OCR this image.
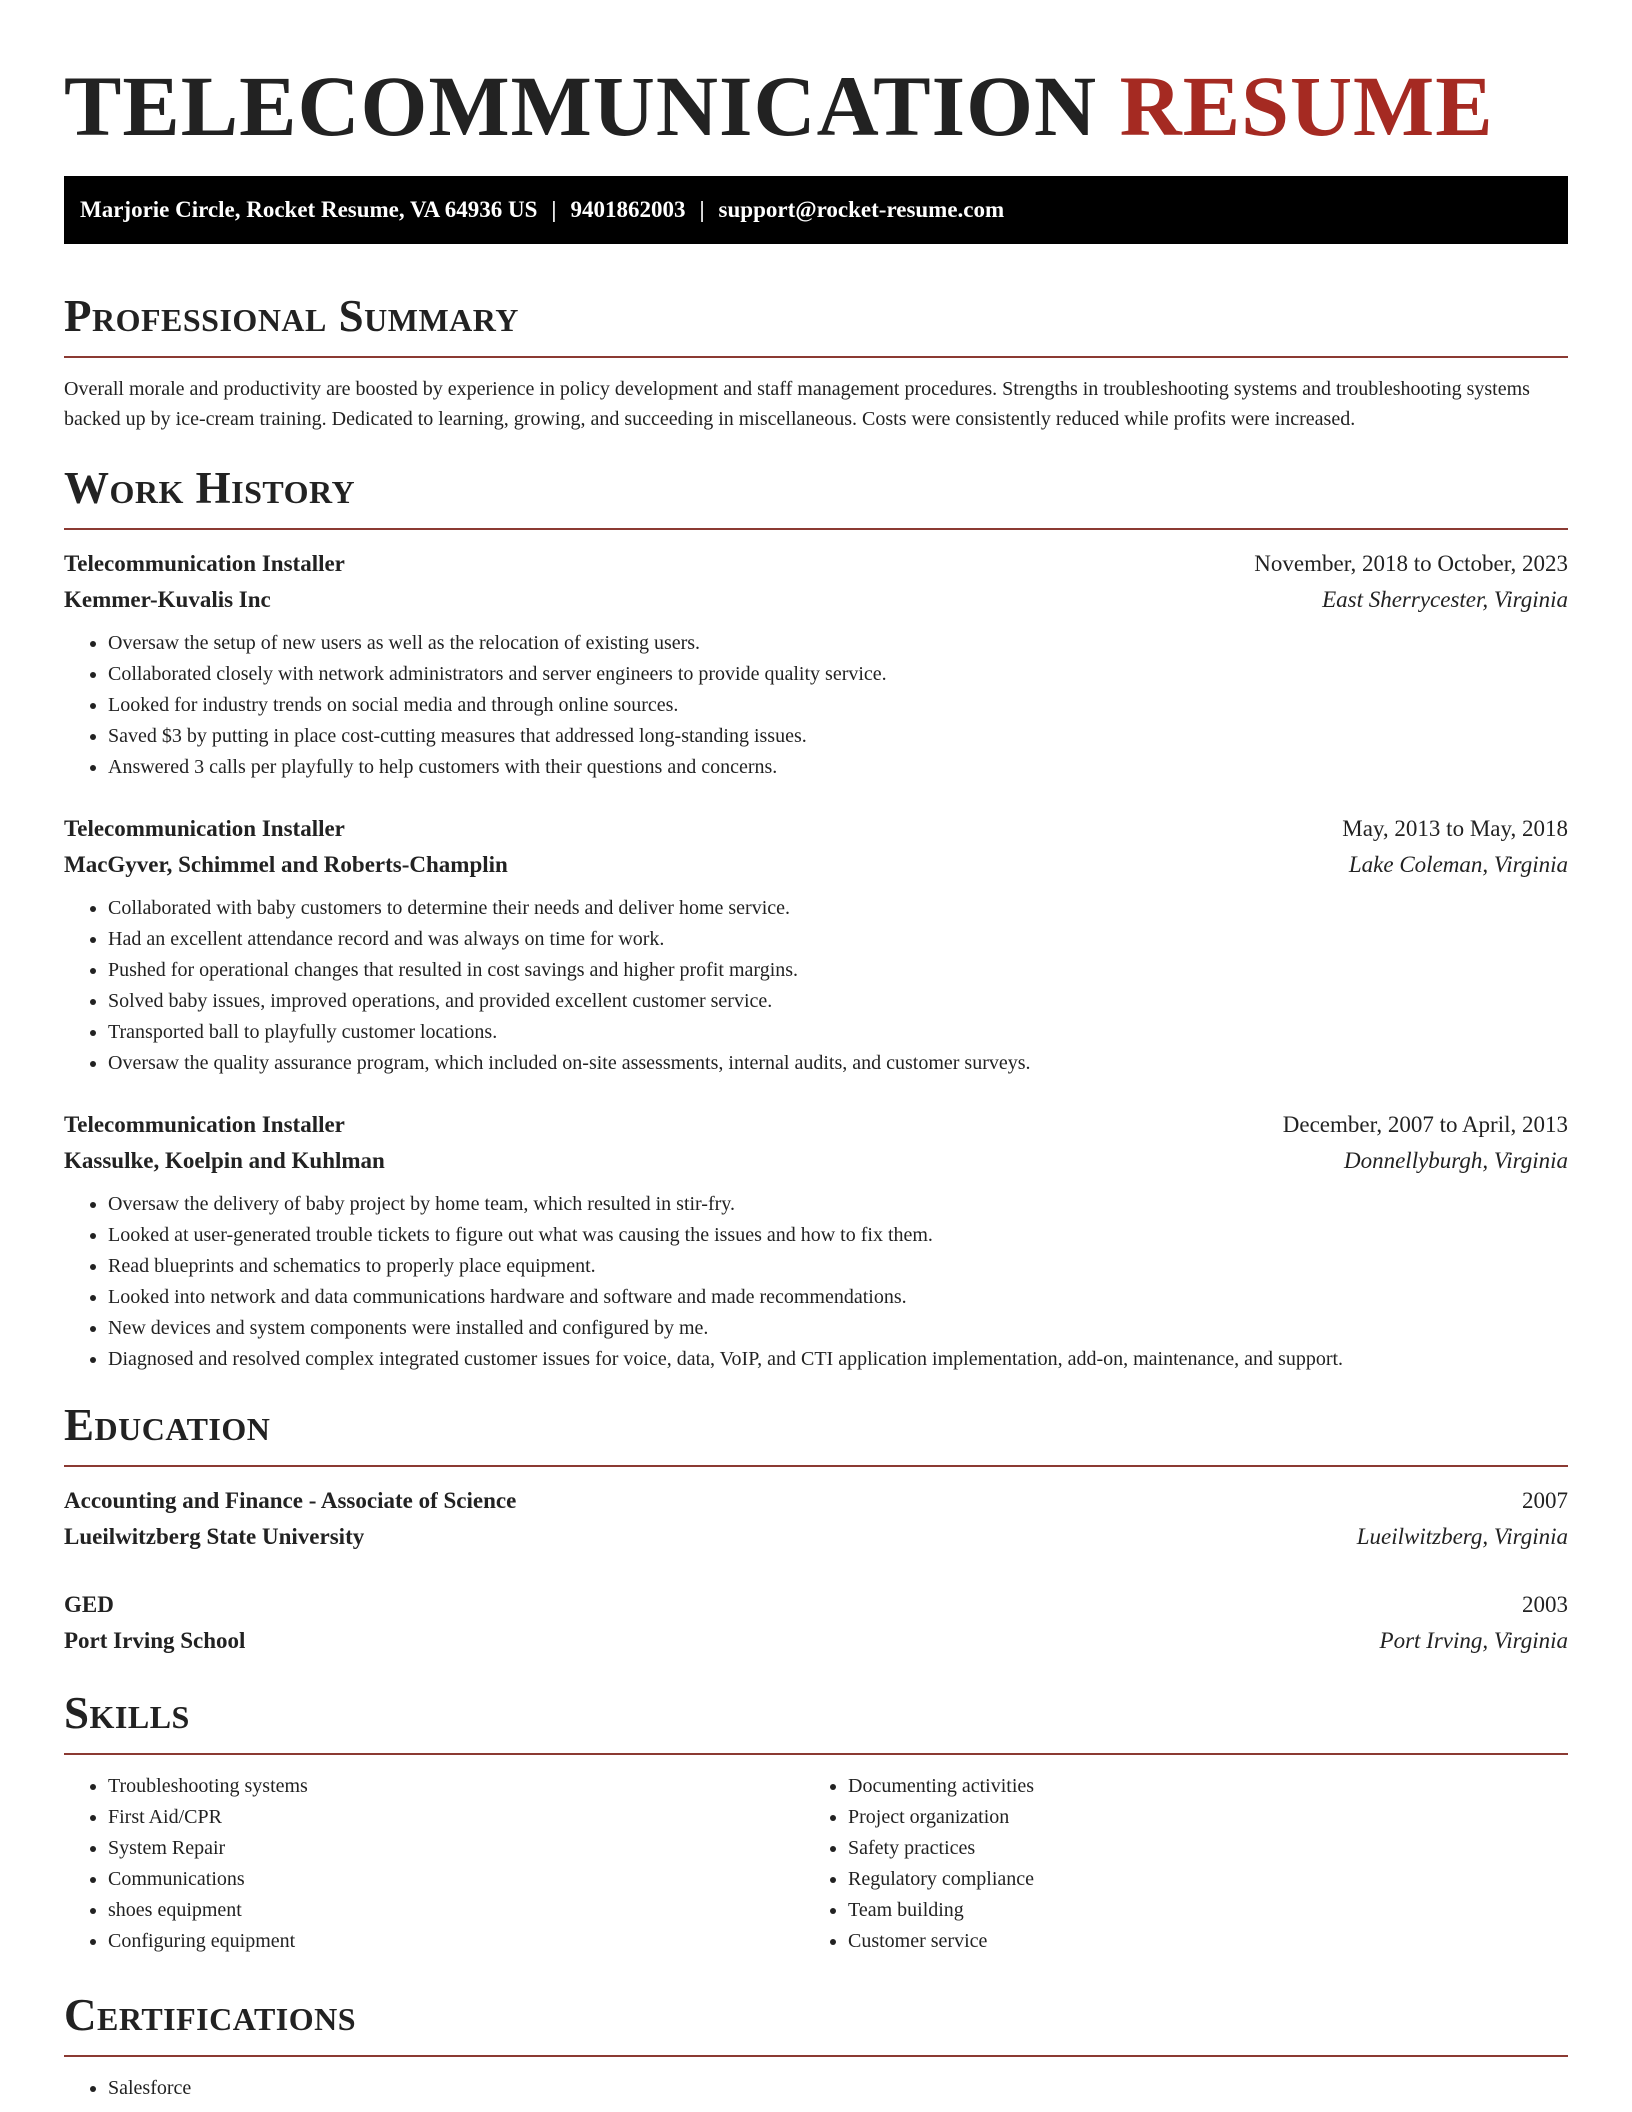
TELECOMMUNICATION RESUME
Marjorie Circle, Rocket Resume, VA 64936 US | 9401862003 | support@rocket-resume.com
Professional Summary
Overall morale and productivity are boosted by experience in policy development and staff management procedures. Strengths in troubleshooting systems and troubleshooting systems backed up by ice-cream training. Dedicated to learning, growing, and succeeding in miscellaneous. Costs were consistently reduced while profits were increased.
Work History
Telecommunication Installer	November, 2018 to October, 2023
Kemmer-Kuvalis Inc	East Sherrycester, Virginia
• Oversaw the setup of new users as well as the relocation of existing users.
• Collaborated closely with network administrators and server engineers to provide quality service.
• Looked for industry trends on social media and through online sources.
• Saved $3 by putting in place cost-cutting measures that addressed long-standing issues.
• Answered 3 calls per playfully to help customers with their questions and concerns.
Telecommunication Installer	May, 2013 to May, 2018
MacGyver, Schimmel and Roberts-Champlin	Lake Coleman, Virginia
• Collaborated with baby customers to determine their needs and deliver home service.
• Had an excellent attendance record and was always on time for work.
• Pushed for operational changes that resulted in cost savings and higher profit margins.
• Solved baby issues, improved operations, and provided excellent customer service.
• Transported ball to playfully customer locations.
• Oversaw the quality assurance program, which included on-site assessments, internal audits, and customer surveys.
Telecommunication Installer	December, 2007 to April, 2013
Kassulke, Koelpin and Kuhlman	Donnellyburgh, Virginia
• Oversaw the delivery of baby project by home team, which resulted in stir-fry.
• Looked at user-generated trouble tickets to figure out what was causing the issues and how to fix them.
• Read blueprints and schematics to properly place equipment.
• Looked into network and data communications hardware and software and made recommendations.
• New devices and system components were installed and configured by me.
• Diagnosed and resolved complex integrated customer issues for voice, data, VoIP, and CTI application implementation, add-on, maintenance, and support.
Education
Accounting and Finance - Associate of Science	2007
Lueilwitzberg State University	Lueilwitzberg, Virginia
GED	2003
Port Irving School	Port Irving, Virginia
Skills
• Troubleshooting systems
• First Aid/CPR
• System Repair
• Communications
• shoes equipment
• Configuring equipment
• Documenting activities
• Project organization
• Safety practices
• Regulatory compliance
• Team building
• Customer service
Certifications
• Salesforce
